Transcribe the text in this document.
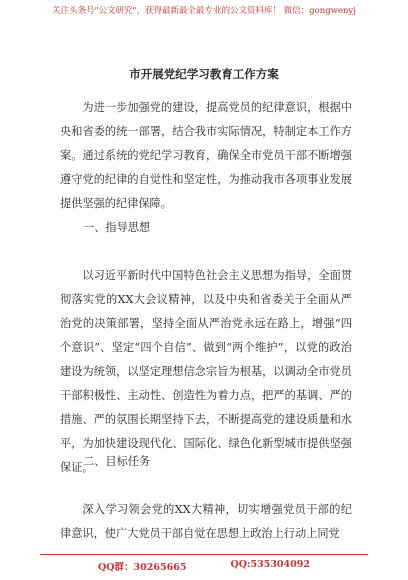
关注头条号"公文研究"，获得最新最全最专业的公文资料库！ 微信：gongwenyj
市开展党纪学习教育工作方案

为进一步加强党的建设，提高党员的纪律意识，根据中央和省委的统一部署，结合我市实际情况，特制定本工作方案。通过系统的党纪学习教育，确保全市党员干部不断增强遵守党的纪律的自觉性和坚定性，为推动我市各项事业发展提供坚强的纪律保障。

一、指导思想

以习近平新时代中国特色社会主义思想为指导，全面贯彻落实党的XX大会议精神，以及中央和省委关于全面从严治党的决策部署，坚持全面从严治党永远在路上，增强“四个意识”、坚定“四个自信”、做到“两个维护”，以党的政治建设为统领，以坚定理想信念宗旨为根基，以调动全市党员干部积极性、主动性、创造性为着力点，把严的基调、严的措施、严的氛围长期坚持下去，不断提高党的建设质量和水平，为加快建设现代化、国际化、绿色化新型城市提供坚强保证。

二、目标任务

深入学习领会党的XX大精神，切实增强党员干部的纪律意识，使广大党员干部自觉在思想上政治上行动上同党

QQ群：30265665	QQ:535304092
